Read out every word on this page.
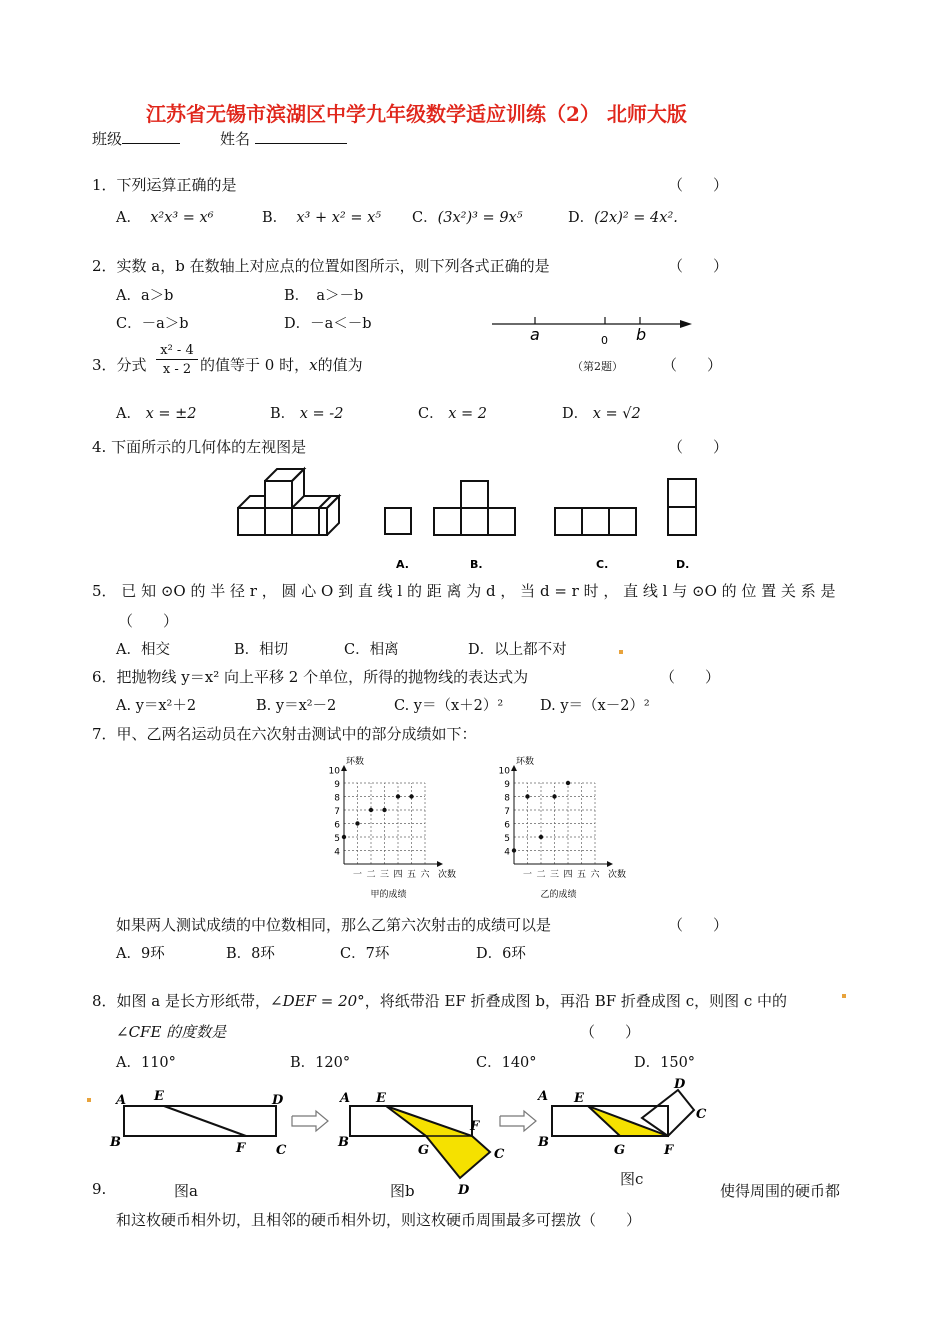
江苏省无锡市滨湖区中学九年级数学适应训练（2） 北师大版
班级	姓名
1．下列运算正确的是	（　　）
A． x²x³ = x⁶	B． x³ + x² = x⁵ C．(3x²)³ = 9x⁵	D．(2x)² = 4x².
2．实数 a，b 在数轴上对应点的位置如图所示，则下列各式正确的是	（　　）
A．a＞b	B．　a＞－b
C．－a＞b	D．－a＜－b
a	0 b
（第2题）
3．分式 $\frac{\text{x² - 4}}{x - 2}$ 的值等于 0 时，x的值为	（　　）
A． x = ±2	B． x = -2	C． x = 2	D． x = √2
4. 下面所示的几何体的左视图是	（　　）
A.	B.	C.	D.
5． 已 知 ⊙O 的 半 径 r ， 圆 心 O 到 直 线 l 的 距 离 为 d ， 当 d = r 时 ， 直 线 l 与 ⊙O 的 位 置 关 系 是
（　　）
A．相交	B．相切	C．相离	D．以上都不对
6．把抛物线 y＝x² 向上平移 2 个单位，所得的抛物线的表达式为	（　　）
A. y＝x²＋2	B. y＝x²－2	C. y＝（x＋2）²	D. y＝（x－2）²
7．甲、乙两名运动员在六次射击测试中的部分成绩如下：
4
5
6
7
8
9
10
一 二 三 四 五 六 次数
环数
甲的成绩
4
5
6
7
8
9
10
一 二 三 四 五 六 次数
环数
乙的成绩
如果两人测试成绩的中位数相同，那么乙第六次射击的成绩可以是	（　　）
A．9环	B．8环	C．7环	D．6环
8．如图 a 是长方形纸带，∠DEF = 20°，将纸带沿 EF 折叠成图 b，再沿 BF 折叠成图 c，则图 c 中的
∠CFE 的度数是	（　　）
A．110°	B．120°	C．140°	D．150°
A
B
E	D
F C
A
B
E
F
G	C
D
A
B
E
G	F
D
C
图c
9.	图a	图b	使得周围的硬币都
和这枚硬币相外切，且相邻的硬币相外切，则这枚硬币周围最多可摆放（　　）
